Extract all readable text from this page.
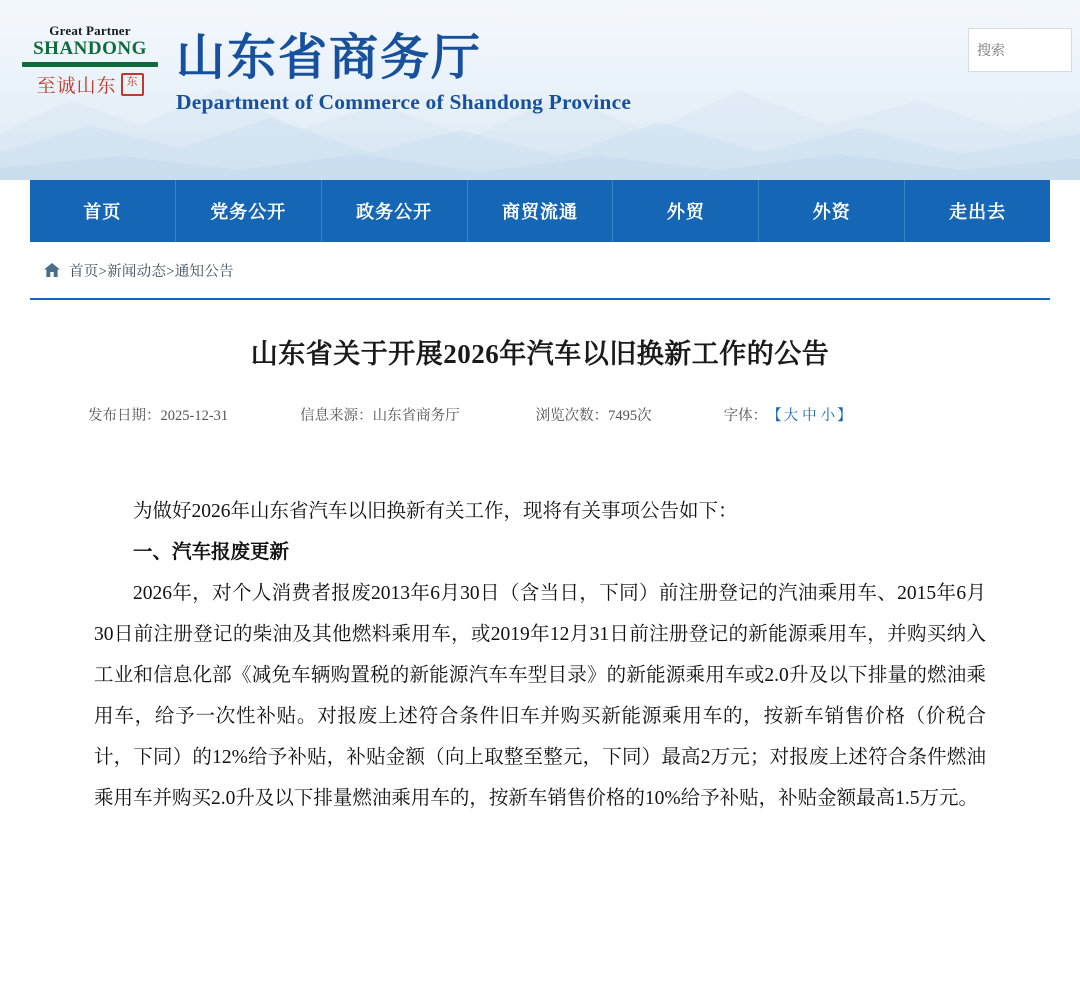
Great Partner
SHANDONG
至诚山东 东 山东省商务厅
Department of Commerce of Shandong Province
搜索
首页	党务公开	政务公开	商贸流通	外贸	外资	走出去
首页>新闻动态>通知公告
山东省关于开展2026年汽车以旧换新工作的公告
发布日期：2025-12-31	信息来源：山东省商务厅	浏览次数：7495次	字体： 【 大 中 小 】

为做好2026年山东省汽车以旧换新有关工作，现将有关事项公告如下：

一、汽车报废更新

2026年，对个人消费者报废2013年6月30日（含当日，下同）前注册登记的汽油乘用车、2015年6月30日前注册登记的柴油及其他燃料乘用车，或2019年12月31日前注册登记的新能源乘用车，并购买纳入工业和信息化部《减免车辆购置税的新能源汽车车型目录》的新能源乘用车或2.0升及以下排量的燃油乘用车，给予一次性补贴。对报废上述符合条件旧车并购买新能源乘用车的，按新车销售价格（价税合计，下同）的12%给予补贴，补贴金额（向上取整至整元，下同）最高2万元；对报废上述符合条件燃油乘用车并购买2.0升及以下排量燃油乘用车的，按新车销售价格的10%给予补贴，补贴金额最高1.5万元。
